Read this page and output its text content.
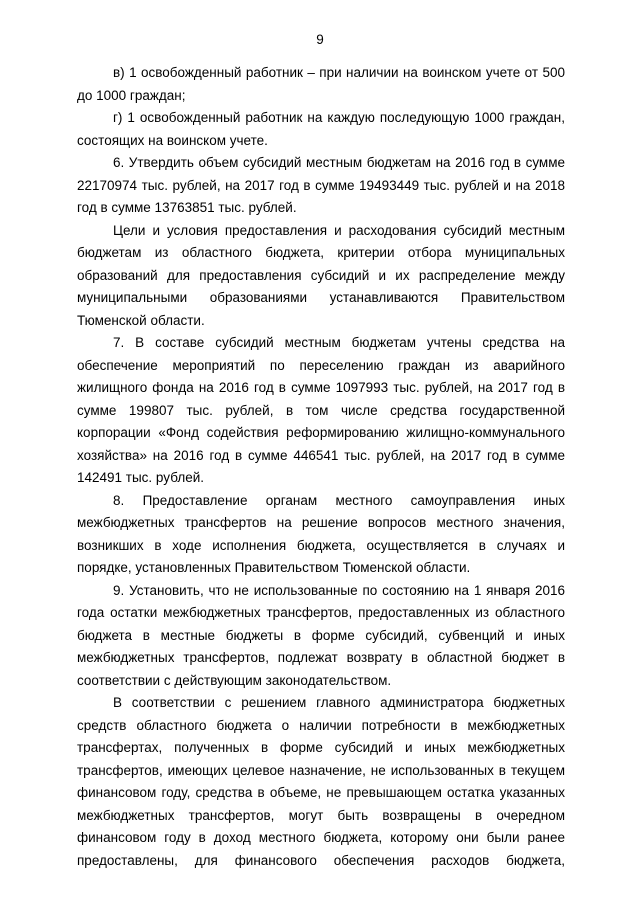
9

в) 1 освобожденный работник – при наличии на воинском учете от 500 до 1000 граждан;

г) 1 освобожденный работник на каждую последующую 1000 граждан, состоящих на воинском учете.

6. Утвердить объем субсидий местным бюджетам на 2016 год в сумме 22170974 тыс. рублей, на 2017 год в сумме 19493449 тыс. рублей и на 2018 год в сумме 13763851 тыс. рублей.

Цели и условия предоставления и расходования субсидий местным бюджетам из областного бюджета, критерии отбора муниципальных образований для предоставления субсидий и их распределение между муниципальными образованиями устанавливаются Правительством Тюменской области.

7. В составе субсидий местным бюджетам учтены средства на обеспечение мероприятий по переселению граждан из аварийного жилищного фонда на 2016 год в сумме 1097993 тыс. рублей, на 2017 год в сумме 199807 тыс. рублей, в том числе средства государственной корпорации «Фонд содействия реформированию жилищно-коммунального хозяйства» на 2016 год в сумме 446541 тыс. рублей, на 2017 год в сумме 142491 тыс. рублей.

8. Предоставление органам местного самоуправления иных межбюджетных трансфертов на решение вопросов местного значения, возникших в ходе исполнения бюджета, осуществляется в случаях и порядке, установленных Правительством Тюменской области.

9. Установить, что не использованные по состоянию на 1 января 2016 года остатки межбюджетных трансфертов, предоставленных из областного бюджета в местные бюджеты в форме субсидий, субвенций и иных межбюджетных трансфертов, подлежат возврату в областной бюджет в соответствии с действующим законодательством.

В соответствии с решением главного администратора бюджетных средств областного бюджета о наличии потребности в межбюджетных трансфертах, полученных в форме субсидий и иных межбюджетных трансфертов, имеющих целевое назначение, не использованных в текущем финансовом году, средства в объеме, не превышающем остатка указанных межбюджетных трансфертов, могут быть возвращены в очередном финансовом году в доход местного бюджета, которому они были ранее предоставлены, для финансового обеспечения расходов бюджета,
